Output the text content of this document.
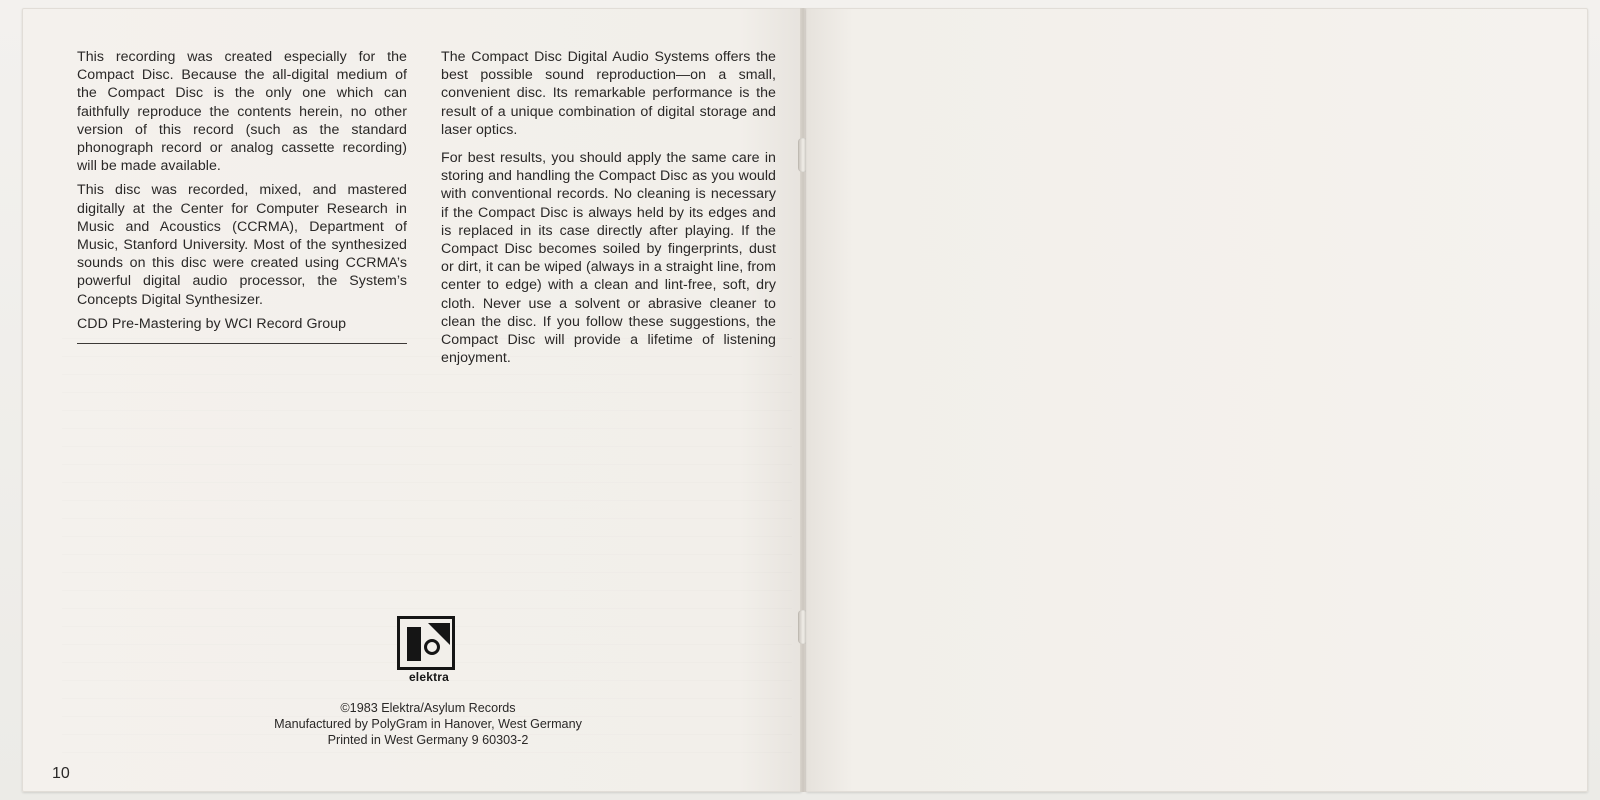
This recording was created especially for the Compact Disc. Because the all-digital medium of the Compact Disc is the only one which can faithfully reproduce the contents herein, no other version of this record (such as the standard phonograph record or analog cassette recording) will be made available.

This disc was recorded, mixed, and mastered digitally at the Center for Computer Research in Music and Acoustics (CCRMA), Department of Music, Stanford University. Most of the synthesized sounds on this disc were created using CCRMA’s powerful digital audio processor, the System’s Concepts Digital Synthesizer.

CDD Pre-Mastering by WCI Record Group

The Compact Disc Digital Audio Systems offers the best possible sound reproduction—on a small, convenient disc. Its remarkable performance is the result of a unique combination of digital storage and laser optics.

For best results, you should apply the same care in storing and handling the Compact Disc as you would with conventional records. No cleaning is necessary if the Compact Disc is always held by its edges and is replaced in its case directly after playing. If the Compact Disc becomes soiled by fingerprints, dust or dirt, it can be wiped (always in a straight line, from center to edge) with a clean and lint-free, soft, dry cloth. Never use a solvent or abrasive cleaner to clean the disc. If you follow these suggestions, the Compact Disc will provide a lifetime of listening enjoyment.

elektra
©1983 Elektra/Asylum Records
Manufactured by PolyGram in Hanover, West Germany
Printed in West Germany 9 60303-2
10
